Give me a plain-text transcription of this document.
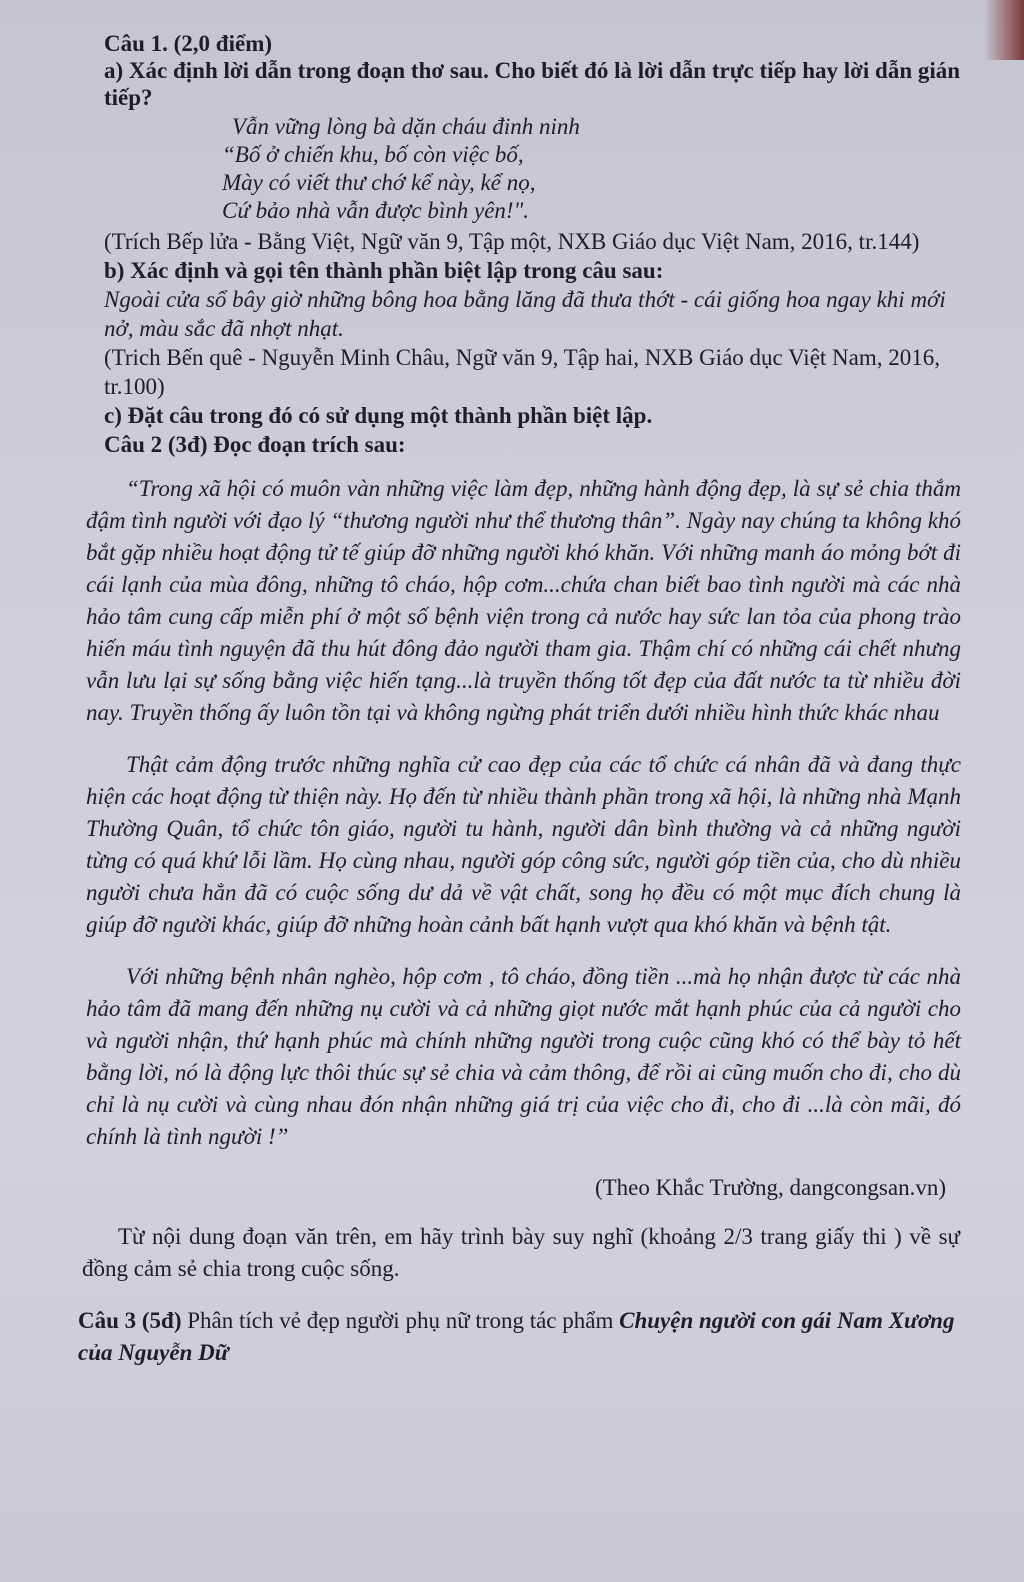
Câu 1. (2,0 điểm)
a) Xác định lời dẫn trong đoạn thơ sau. Cho biết đó là lời dẫn trực tiếp hay lời dẫn gián tiếp?
Vẫn vững lòng bà dặn cháu đinh ninh
“Bố ở chiến khu, bố còn việc bố,
Mày có viết thư chớ kể này, kể nọ,
Cứ bảo nhà vẫn được bình yên!".
(Trích Bếp lửa - Bằng Việt, Ngữ văn 9, Tập một, NXB Giáo dục Việt Nam, 2016, tr.144)
b) Xác định và gọi tên thành phần biệt lập trong câu sau:
Ngoài cửa sổ bây giờ những bông hoa bằng lăng đã thưa thớt - cái giống hoa ngay khi mới nở, màu sắc đã nhợt nhạt.
(Trich Bến quê - Nguyễn Minh Châu, Ngữ văn 9, Tập hai, NXB Giáo dục Việt Nam, 2016, tr.100)
c) Đặt câu trong đó có sử dụng một thành phần biệt lập.
Câu 2 (3đ) Đọc đoạn trích sau:

“Trong xã hội có muôn vàn những việc làm đẹp, những hành động đẹp, là sự sẻ chia thắm đậm tình người với đạo lý “thương người như thể thương thân”. Ngày nay chúng ta không khó bắt gặp nhiều hoạt động tử tế giúp đỡ những người khó khăn. Với những manh áo mỏng bớt đi cái lạnh của mùa đông, những tô cháo, hộp cơm...chứa chan biết bao tình người mà các nhà hảo tâm cung cấp miễn phí ở một số bệnh viện trong cả nước hay sức lan tỏa của phong trào hiến máu tình nguyện đã thu hút đông đảo người tham gia. Thậm chí có những cái chết nhưng vẫn lưu lại sự sống bằng việc hiến tạng...là truyền thống tốt đẹp của đất nước ta từ nhiều đời nay. Truyền thống ấy luôn tồn tại và không ngừng phát triển dưới nhiều hình thức khác nhau

Thật cảm động trước những nghĩa cử cao đẹp của các tổ chức cá nhân đã và đang thực hiện các hoạt động từ thiện này. Họ đến từ nhiều thành phần trong xã hội, là những nhà Mạnh Thường Quân, tổ chức tôn giáo, người tu hành, người dân bình thường và cả những người từng có quá khứ lỗi lầm. Họ cùng nhau, người góp công sức, người góp tiền của, cho dù nhiều người chưa hẳn đã có cuộc sống dư dả về vật chất, song họ đều có một mục đích chung là giúp đỡ người khác, giúp đỡ những hoàn cảnh bất hạnh vượt qua khó khăn và bệnh tật.

Với những bệnh nhân nghèo, hộp cơm , tô cháo, đồng tiền ...mà họ nhận được từ các nhà hảo tâm đã mang đến những nụ cười và cả những giọt nước mắt hạnh phúc của cả người cho và người nhận, thứ hạnh phúc mà chính những người trong cuộc cũng khó có thể bày tỏ hết bằng lời, nó là động lực thôi thúc sự sẻ chia và cảm thông, để rồi ai cũng muốn cho đi, cho dù chỉ là nụ cười và cùng nhau đón nhận những giá trị của việc cho đi, cho đi ...là còn mãi, đó chính là tình người !”

(Theo Khắc Trường, dangcongsan.vn)
Từ nội dung đoạn văn trên, em hãy trình bày suy nghĩ (khoảng 2/3 trang giấy thi ) về sự đồng cảm sẻ chia trong cuộc sống.
Câu 3 (5đ) Phân tích vẻ đẹp người phụ nữ trong tác phẩm Chuyện người con gái Nam Xương của Nguyễn Dữ
